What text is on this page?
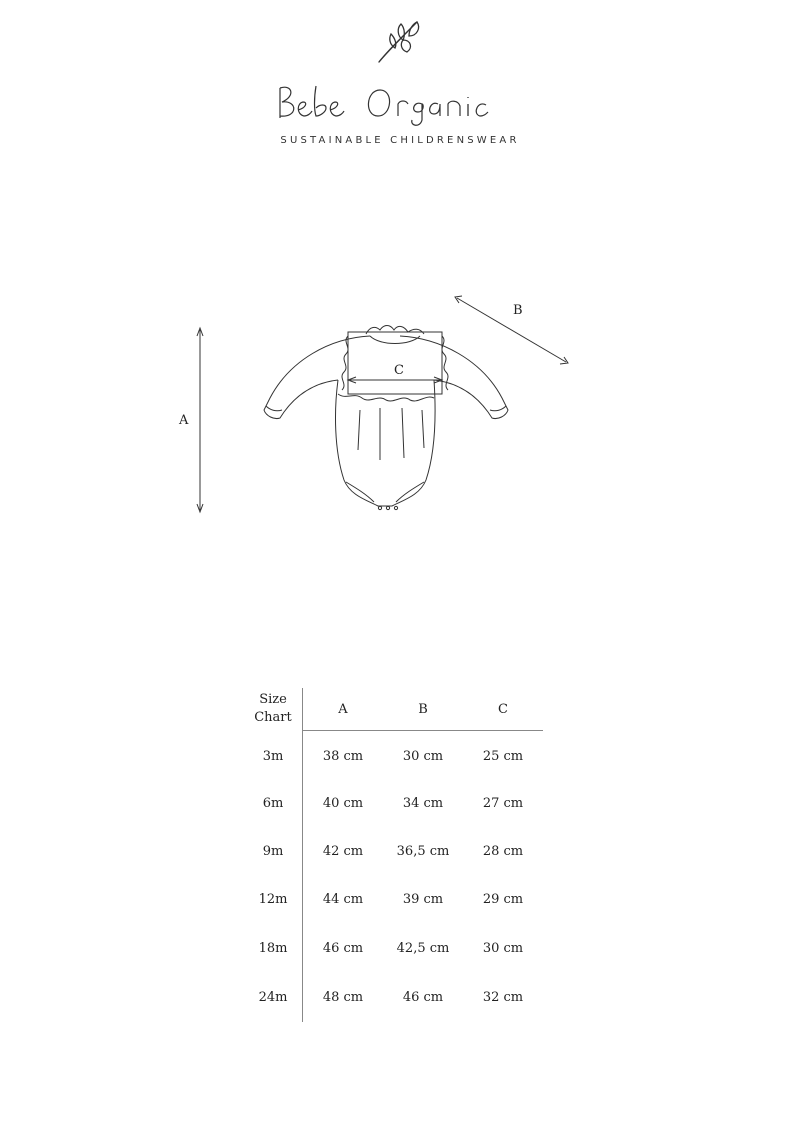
SUSTAINABLE CHILDRENSWEAR
A
B
C
Size
Chart	A	B	C
3m	38 cm	30 cm	25 cm
6m	40 cm	34 cm	27 cm
9m	42 cm	36,5 cm	28 cm
12m	44 cm	39 cm	29 cm
18m	46 cm	42,5 cm	30 cm
24m	48 cm	46 cm	32 cm
